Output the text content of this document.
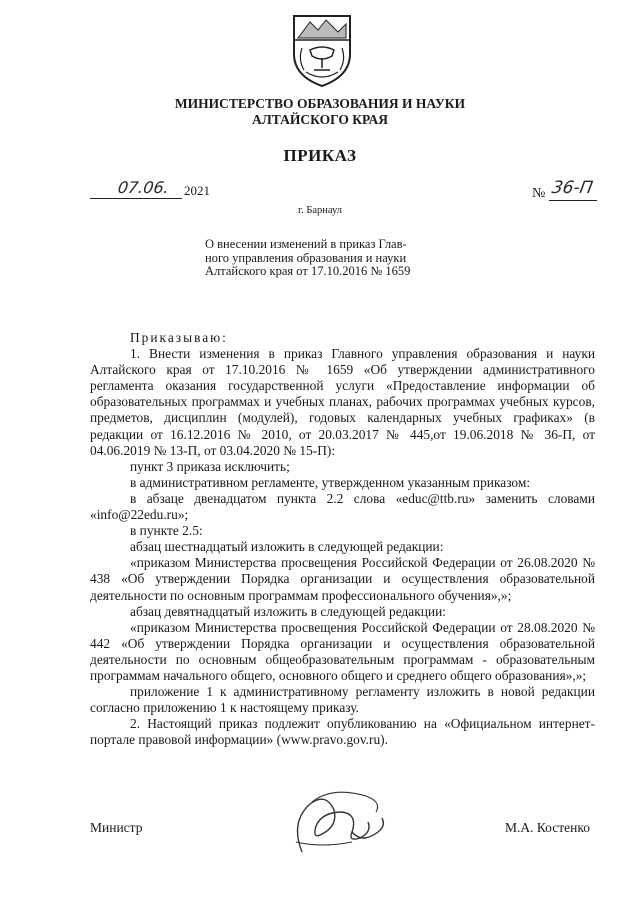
МИНИСТЕРСТВО ОБРАЗОВАНИЯ И НАУКИ
АЛТАЙСКОГО КРАЯ
ПРИКАЗ
07.06. 2021	№ 36-П
г. Барнаул
О внесении изменений в приказ Глав-
ного управления образования и науки
Алтайского края от 17.10.2016 № 1659

Приказываю:

1. Внести изменения в приказ Главного управления образования и науки Алтайского края от 17.10.2016 № 1659 «Об утверждении административного регламента оказания государственной услуги «Предоставление информации об образовательных программах и учебных планах, рабочих программах учебных курсов, предметов, дисциплин (модулей), годовых календарных учебных графиках» (в редакции от 16.12.2016 № 2010, от 20.03.2017 № 445,от 19.06.2018 № 36-П, от 04.06.2019 № 13-П, от 03.04.2020 № 15-П):

пункт 3 приказа исключить;

в административном регламенте, утвержденном указанным приказом:

в абзаце двенадцатом пункта 2.2 слова «educ@ttb.ru» заменить словами «info@22edu.ru»;

в пункте 2.5:

абзац шестнадцатый изложить в следующей редакции:

«приказом Министерства просвещения Российской Федерации от 26.08.2020 № 438 «Об утверждении Порядка организации и осуществления образовательной деятельности по основным программам профессионального обучения»,»;

абзац девятнадцатый изложить в следующей редакции:

«приказом Министерства просвещения Российской Федерации от 28.08.2020 № 442 «Об утверждении Порядка организации и осуществления образовательной деятельности по основным общеобразовательным программам - образовательным программам начального общего, основного общего и среднего общего образования»,»;

приложение 1 к административному регламенту изложить в новой редакции согласно приложению 1 к настоящему приказу.

2. Настоящий приказ подлежит опубликованию на «Официальном интернет-портале правовой информации» (www.pravo.gov.ru).

Министр	М.А. Костенко
